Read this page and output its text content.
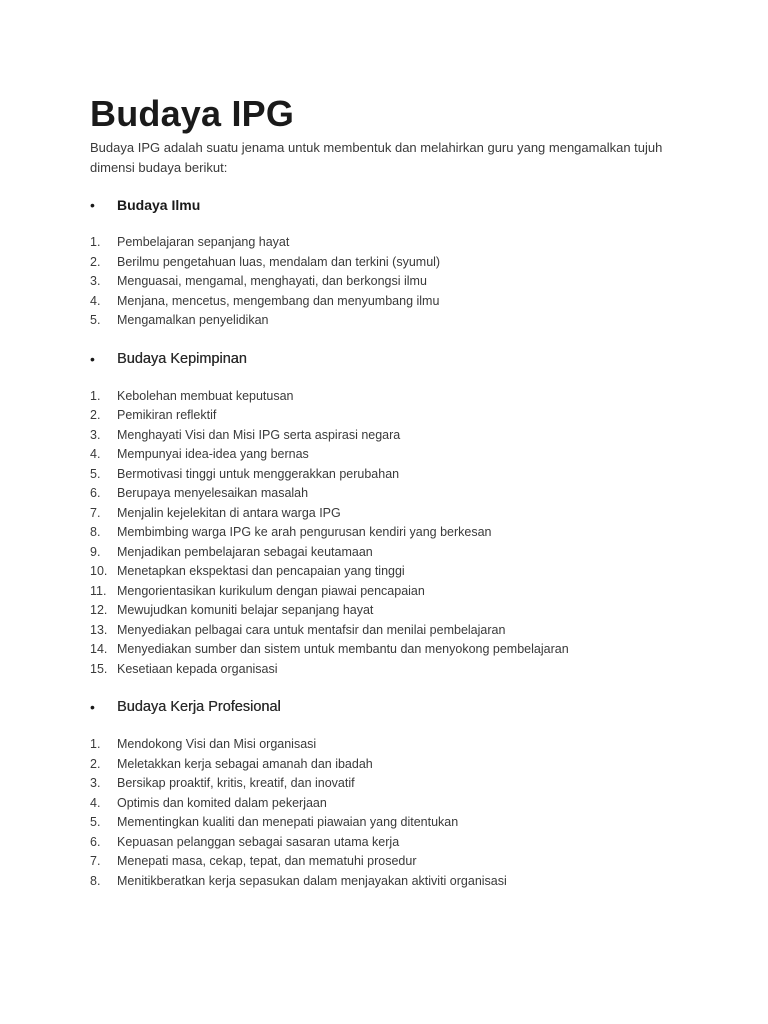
Budaya IPG

Budaya IPG adalah suatu jenama untuk membentuk dan melahirkan guru yang mengamalkan tujuh dimensi budaya berikut:

•	Budaya Ilmu
1.	Pembelajaran sepanjang hayat
2.	Berilmu pengetahuan luas, mendalam dan terkini (syumul)
3.	Menguasai, mengamal, menghayati, dan berkongsi ilmu
4.	Menjana, mencetus, mengembang dan menyumbang ilmu
5.	Mengamalkan penyelidikan
•	Budaya Kepimpinan
1.	Kebolehan membuat keputusan
2.	Pemikiran reflektif
3.	Menghayati Visi dan Misi IPG serta aspirasi negara
4.	Mempunyai idea-idea yang bernas
5.	Bermotivasi tinggi untuk menggerakkan perubahan
6.	Berupaya menyelesaikan masalah
7.	Menjalin kejelekitan di antara warga IPG
8.	Membimbing warga IPG ke arah pengurusan kendiri yang berkesan
9.	Menjadikan pembelajaran sebagai keutamaan
10. Menetapkan ekspektasi dan pencapaian yang tinggi
11. Mengorientasikan kurikulum dengan piawai pencapaian
12. Mewujudkan komuniti belajar sepanjang hayat
13. Menyediakan pelbagai cara untuk mentafsir dan menilai pembelajaran
14. Menyediakan sumber dan sistem untuk membantu dan menyokong pembelajaran
15. Kesetiaan kepada organisasi
•	Budaya Kerja Profesional
1.	Mendokong Visi dan Misi organisasi
2.	Meletakkan kerja sebagai amanah dan ibadah
3.	Bersikap proaktif, kritis, kreatif, dan inovatif
4.	Optimis dan komited dalam pekerjaan
5.	Mementingkan kualiti dan menepati piawaian yang ditentukan
6.	Kepuasan pelanggan sebagai sasaran utama kerja
7.	Menepati masa, cekap, tepat, dan mematuhi prosedur
8.	Menitikberatkan kerja sepasukan dalam menjayakan aktiviti organisasi
